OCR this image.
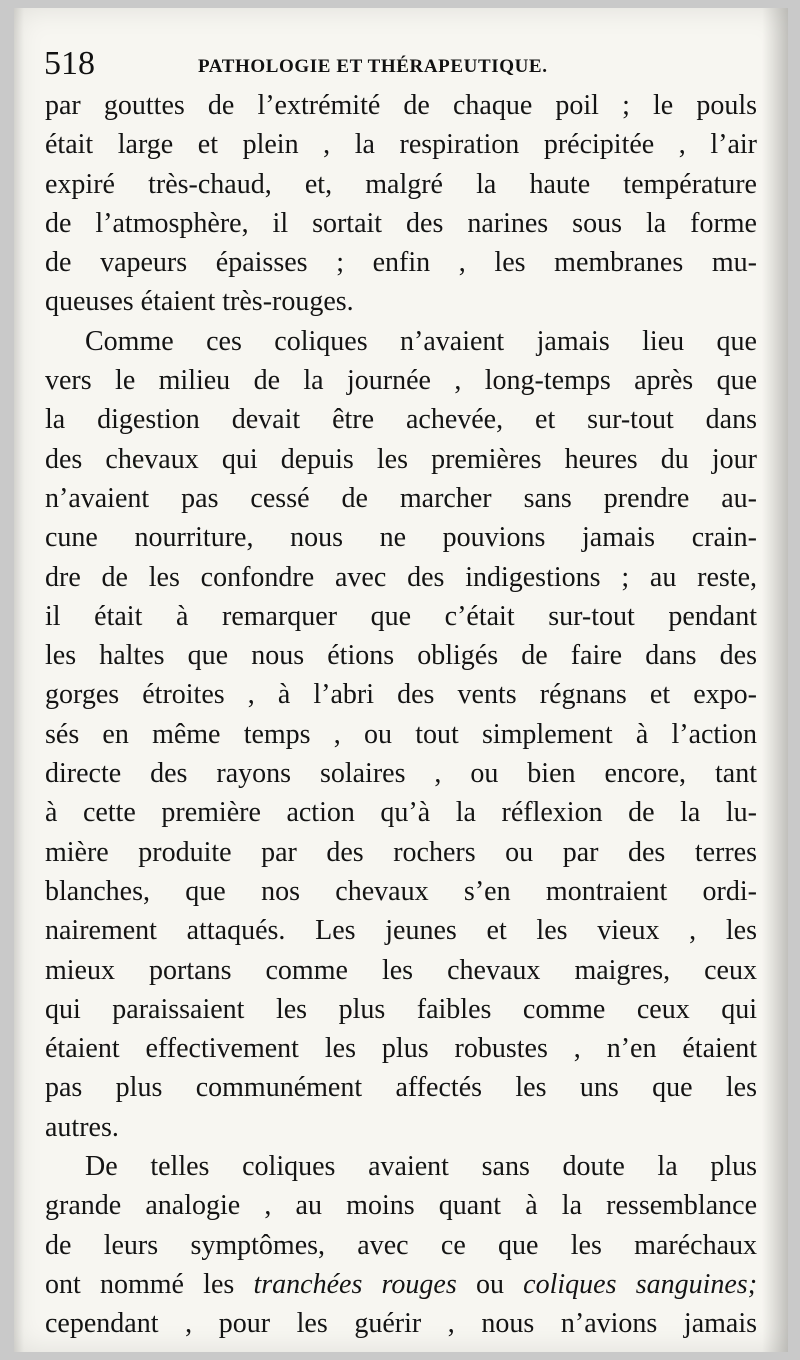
518	PATHOLOGIE ET THÉRAPEUTIQUE.

par gouttes de l’extrémité de chaque poil ; le pouls
était large et plein , la respiration précipitée , l’air
expiré très-chaud, et, malgré la haute température
de l’atmosphère, il sortait des narines sous la forme
de vapeurs épaisses ; enfin , les membranes mu-
queuses étaient très-rouges.

Comme ces coliques n’avaient jamais lieu que
vers le milieu de la journée , long-temps après que
la digestion devait être achevée, et sur-tout dans
des chevaux qui depuis les premières heures du jour
n’avaient pas cessé de marcher sans prendre au-
cune nourriture, nous ne pouvions jamais crain-
dre de les confondre avec des indigestions ; au reste,
il était à remarquer que c’était sur-tout pendant
les haltes que nous étions obligés de faire dans des
gorges étroites , à l’abri des vents régnans et expo-
sés en même temps , ou tout simplement à l’action
directe des rayons solaires , ou bien encore, tant
à cette première action qu’à la réflexion de la lu-
mière produite par des rochers ou par des terres
blanches, que nos chevaux s’en montraient ordi-
nairement attaqués. Les jeunes et les vieux , les
mieux portans comme les chevaux maigres, ceux
qui paraissaient les plus faibles comme ceux qui
étaient effectivement les plus robustes , n’en étaient
pas plus communément affectés les uns que les
autres.

De telles coliques avaient sans doute la plus
grande analogie , au moins quant à la ressemblance
de leurs symptômes, avec ce que les maréchaux
ont nommé les tranchées rouges ou coliques sanguines;
cependant , pour les guérir , nous n’avions jamais
